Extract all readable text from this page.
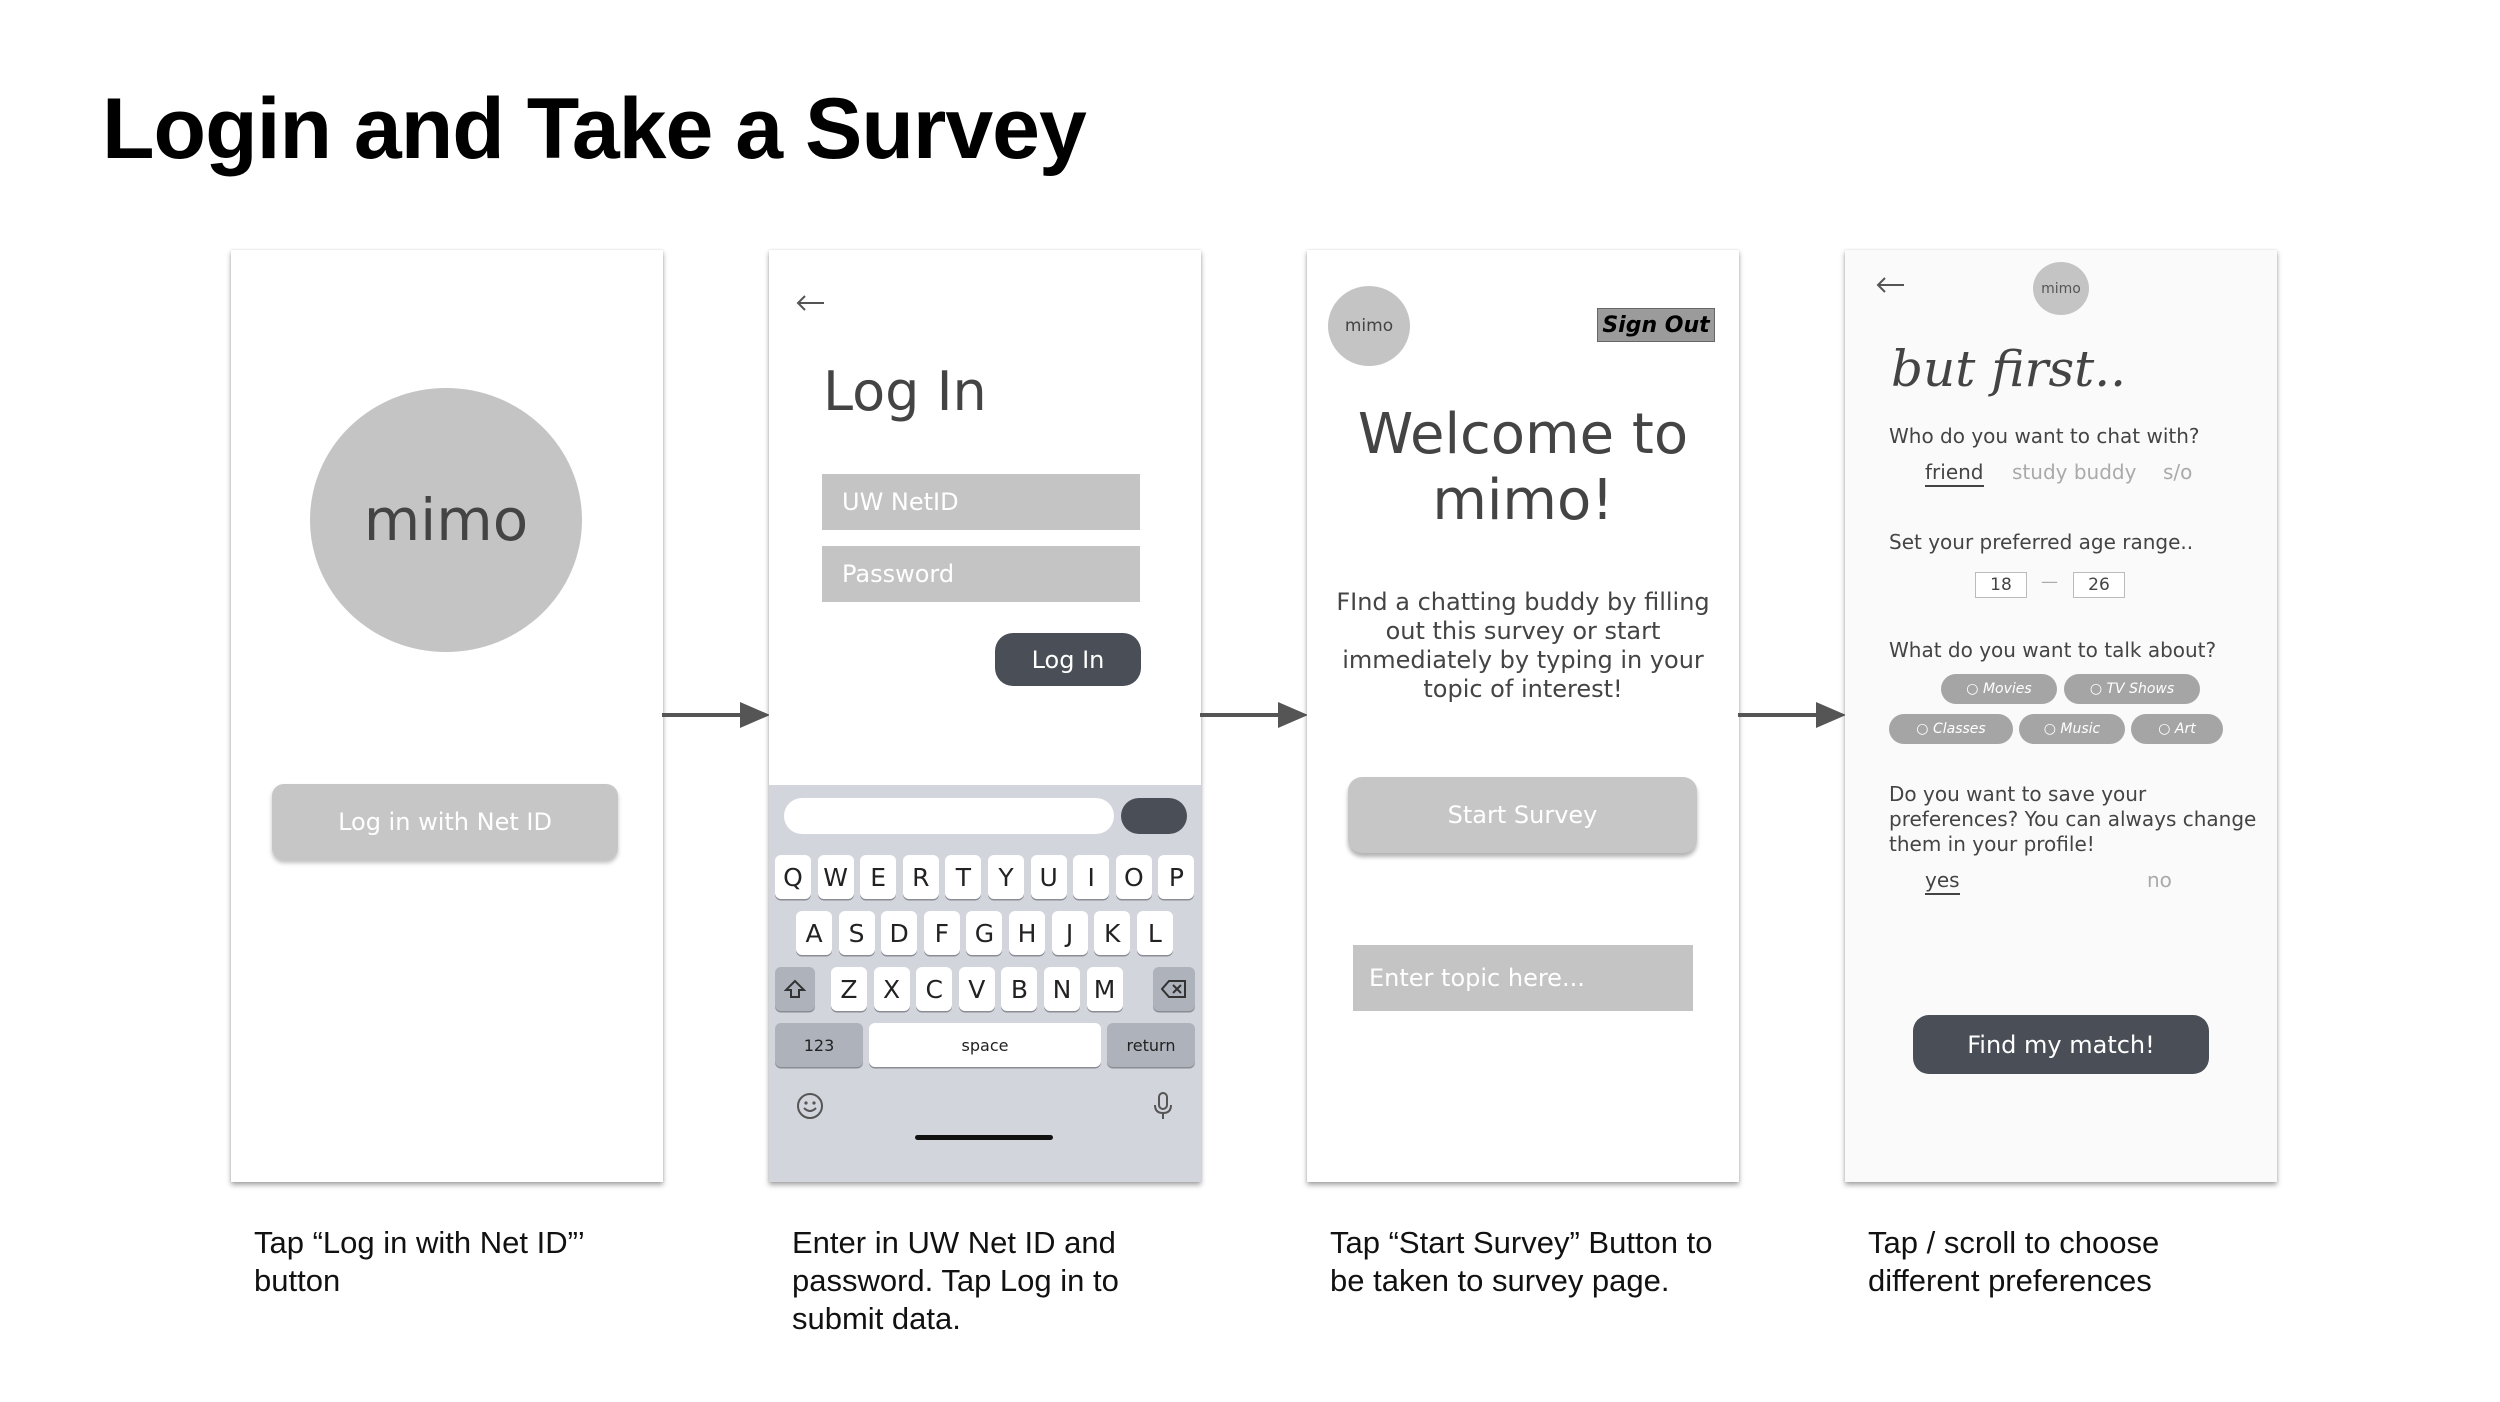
Login and Take a Survey
mimo
Log in with Net ID
Log In
UW NetID
Password
Log In
Q W E	R	T	Y	U	I	O	P
A	S	D	F	G H	J	K	L
Z	X	C	V	B N M
123	space	return
mimo	Sign Out
Welcome to
mimo!
FInd a chatting buddy by filling out this survey or start immediately by typing in your topic of interest!
Start Survey
Enter topic here...
mimo
but first..
Who do you want to chat with?
friend study buddy s/o
Set your preferred age range..
18	—	26
What do you want to talk about?
○ Movies	○ TV Shows
○ Classes	○ Music	○ Art
Do you want to save your preferences? You can always change them in your profile!
yes	no
Find my match!
Tap “Log in with Net ID”’ button
Enter in UW Net ID and password. Tap Log in to submit data.
Tap “Start Survey” Button to be taken to survey page.
Tap / scroll to choose different preferences
